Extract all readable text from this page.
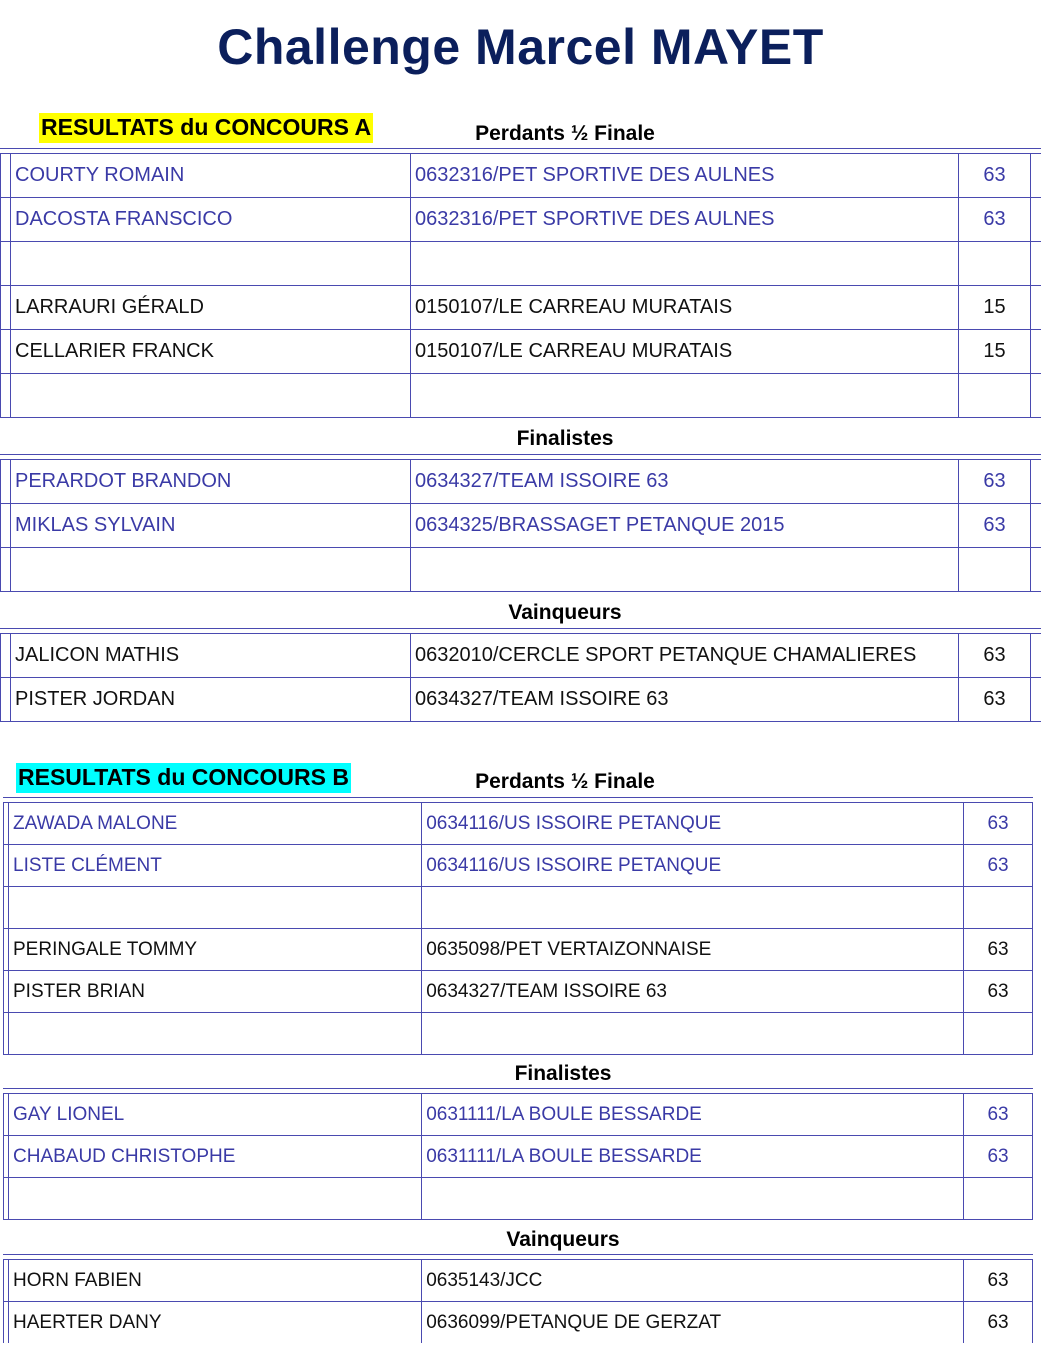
Challenge Marcel MAYET
RESULTATS du CONCOURS A	Perdants ½ Finale
COURTY ROMAIN	0632316/PET SPORTIVE DES AULNES	63
DACOSTA FRANSCICO	0632316/PET SPORTIVE DES AULNES	63
LARRAURI GÉRALD	0150107/LE CARREAU MURATAIS	15
CELLARIER FRANCK	0150107/LE CARREAU MURATAIS	15
Finalistes
PERARDOT BRANDON	0634327/TEAM ISSOIRE 63	63
MIKLAS SYLVAIN	0634325/BRASSAGET PETANQUE 2015	63
Vainqueurs
JALICON MATHIS	0632010/CERCLE SPORT PETANQUE CHAMALIERES	63
PISTER JORDAN	0634327/TEAM ISSOIRE 63	63
RESULTATS du CONCOURS B	Perdants ½ Finale
ZAWADA MALONE	0634116/US ISSOIRE PETANQUE	63
LISTE CLÉMENT	0634116/US ISSOIRE PETANQUE	63
PERINGALE TOMMY	0635098/PET VERTAIZONNAISE	63
PISTER BRIAN	0634327/TEAM ISSOIRE 63	63
Finalistes
GAY LIONEL	0631111/LA BOULE BESSARDE	63
CHABAUD CHRISTOPHE	0631111/LA BOULE BESSARDE	63
Vainqueurs
HORN FABIEN	0635143/JCC	63
HAERTER DANY	0636099/PETANQUE DE GERZAT	63
